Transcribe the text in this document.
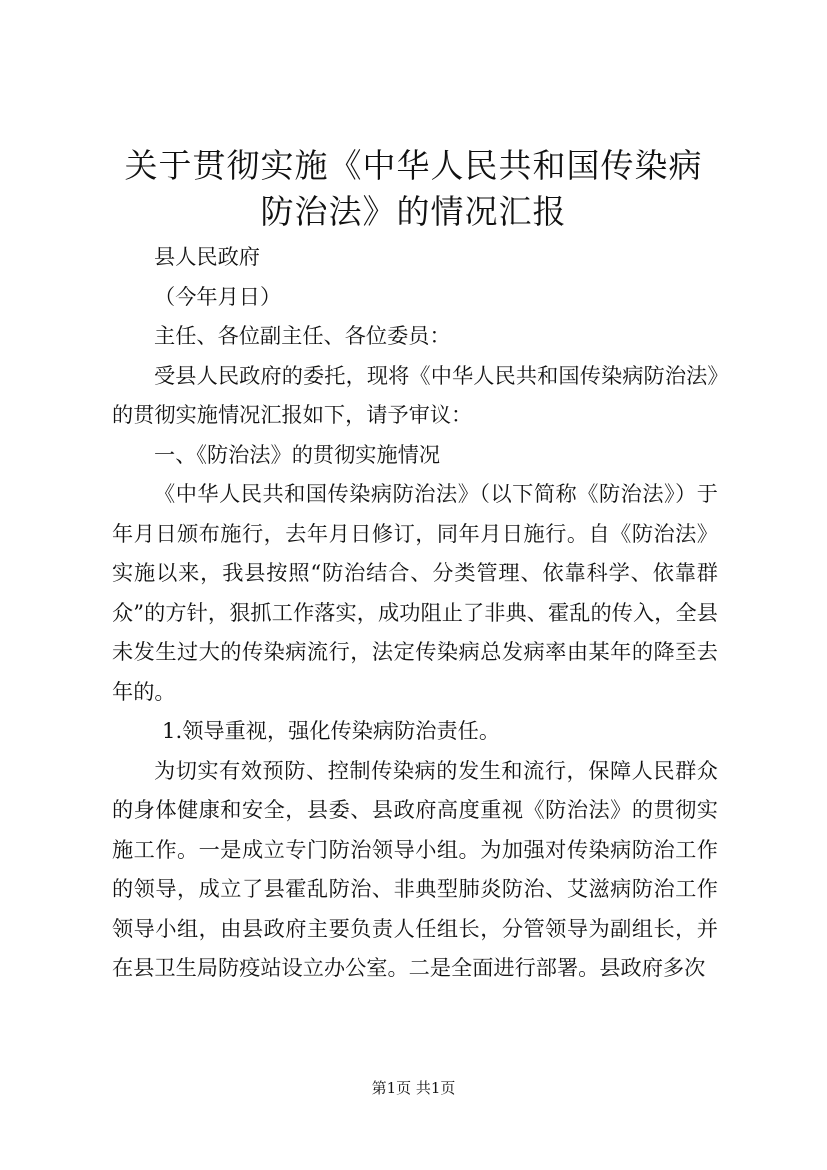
关于贯彻实施《中华人民共和国传染病防治法》的情况汇报

县人民政府

（今年月日）

主任、各位副主任、各位委员：

受县人民政府的委托，现将《中华人民共和国传染病防治法》的贯彻实施情况汇报如下，请予审议：

一、《防治法》的贯彻实施情况

《中华人民共和国传染病防治法》（以下简称《防治法》）于年月日颁布施行，去年月日修订，同年月日施行。自《防治法》实施以来，我县按照“防治结合、分类管理、依靠科学、依靠群众”的方针，狠抓工作落实，成功阻止了非典、霍乱的传入，全县未发生过大的传染病流行，法定传染病总发病率由某年的降至去年的。

1.领导重视，强化传染病防治责任。

为切实有效预防、控制传染病的发生和流行，保障人民群众的身体健康和安全，县委、县政府高度重视《防治法》的贯彻实施工作。一是成立专门防治领导小组。为加强对传染病防治工作的领导，成立了县霍乱防治、非典型肺炎防治、艾滋病防治工作领导小组，由县政府主要负责人任组长，分管领导为副组长，并在县卫生局防疫站设立办公室。二是全面进行部署。县政府多次

第1页 共1页
